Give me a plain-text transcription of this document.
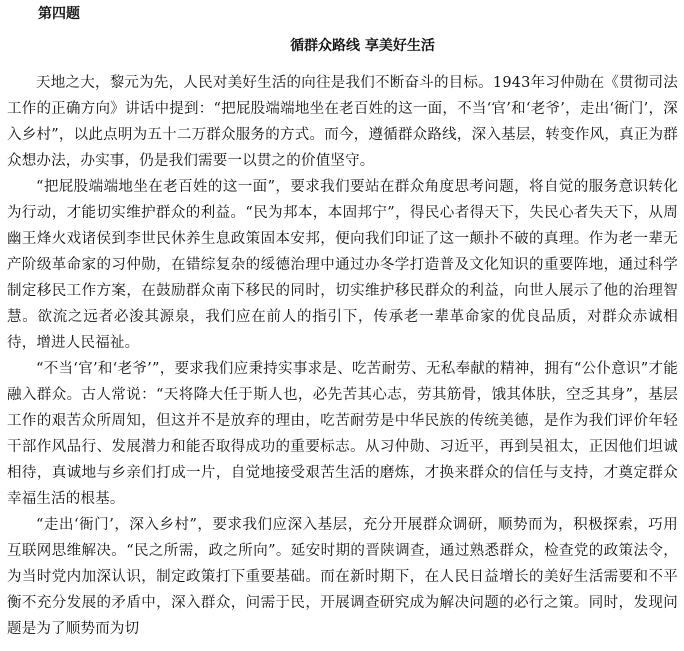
第四题
循群众路线 享美好生活

天地之大，黎元为先，人民对美好生活的向往是我们不断奋斗的目标。1943年习仲勋在《贯彻司法工作的正确方向》讲话中提到：“把屁股端端地坐在老百姓的这一面，不当‘官’和‘老爷’，走出‘衙门’，深入乡村”，以此点明为五十二万群众服务的方式。而今，遵循群众路线，深入基层，转变作风，真正为群众想办法，办实事，仍是我们需要一以贯之的价值坚守。

“把屁股端端地坐在老百姓的这一面”，要求我们要站在群众角度思考问题，将自觉的服务意识转化为行动，才能切实维护群众的利益。“民为邦本，本固邦宁”，得民心者得天下，失民心者失天下，从周幽王烽火戏诸侯到李世民休养生息政策固本安邦，便向我们印证了这一颠扑不破的真理。作为老一辈无产阶级革命家的习仲勋，在错综复杂的绥德治理中通过办冬学打造普及文化知识的重要阵地，通过科学制定移民工作方案，在鼓励群众南下移民的同时，切实维护移民群众的利益，向世人展示了他的治理智慧。欲流之远者必浚其源泉，我们应在前人的指引下，传承老一辈革命家的优良品质，对群众赤诚相待，增进人民福祉。

“不当‘官’和‘老爷’”，要求我们应秉持实事求是、吃苦耐劳、无私奉献的精神，拥有“公仆意识”才能融入群众。古人常说：“天将降大任于斯人也，必先苦其心志，劳其筋骨，饿其体肤，空乏其身”，基层工作的艰苦众所周知，但这并不是放弃的理由，吃苦耐劳是中华民族的传统美德，是作为我们评价年轻干部作风品行、发展潜力和能否取得成功的重要标志。从习仲勋、习近平，再到吴祖太，正因他们坦诚相待，真诚地与乡亲们打成一片，自觉地接受艰苦生活的磨炼，才换来群众的信任与支持，才奠定群众幸福生活的根基。

“走出‘衙门’，深入乡村”，要求我们应深入基层，充分开展群众调研，顺势而为，积极探索，巧用互联网思维解决。“民之所需，政之所向”。延安时期的晋陕调查，通过熟悉群众，检查党的政策法令，为当时党内加深认识，制定政策打下重要基础。而在新时期下，在人民日益增长的美好生活需要和不平衡不充分发展的矛盾中，深入群众，问需于民，开展调查研究成为解决问题的必行之策。同时，发现问题是为了顺势而为切
